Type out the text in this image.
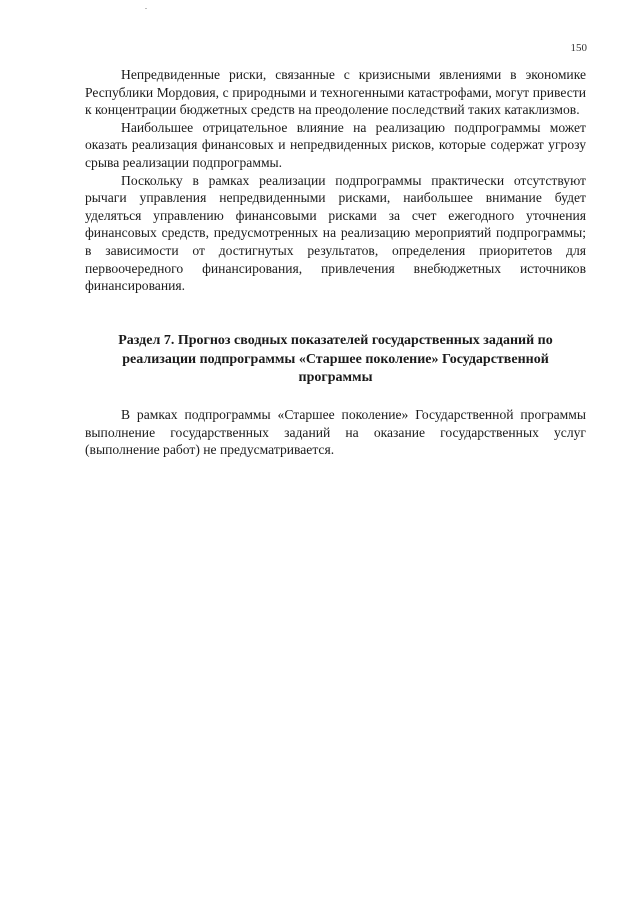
150

Непредвиденные риски, связанные с кризисными явлениями в экономике Республики Мордовия, с природными и техногенными катастрофами, могут привести к концентрации бюджетных средств на преодоление последствий таких катаклизмов.

Наибольшее отрицательное влияние на реализацию подпрограммы может оказать реализация финансовых и непредвиденных рисков, которые содержат угрозу срыва реализации подпрограммы.

Поскольку в рамках реализации подпрограммы практически отсутствуют рычаги управления непредвиденными рисками, наибольшее внимание будет уделяться управлению финансовыми рисками за счет ежегодного уточнения финансовых средств, предусмотренных на реализацию мероприятий подпрограммы; в зависимости от достигнутых результатов, определения приоритетов для первоочередного финансирования, привлечения внебюджетных источников финансирования.

Раздел 7. Прогноз сводных показателей государственных заданий по реализации подпрограммы «Старшее поколение» Государственной программы

В рамках подпрограммы «Старшее поколение» Государственной программы выполнение государственных заданий на оказание государственных услуг (выполнение работ) не предусматривается.
